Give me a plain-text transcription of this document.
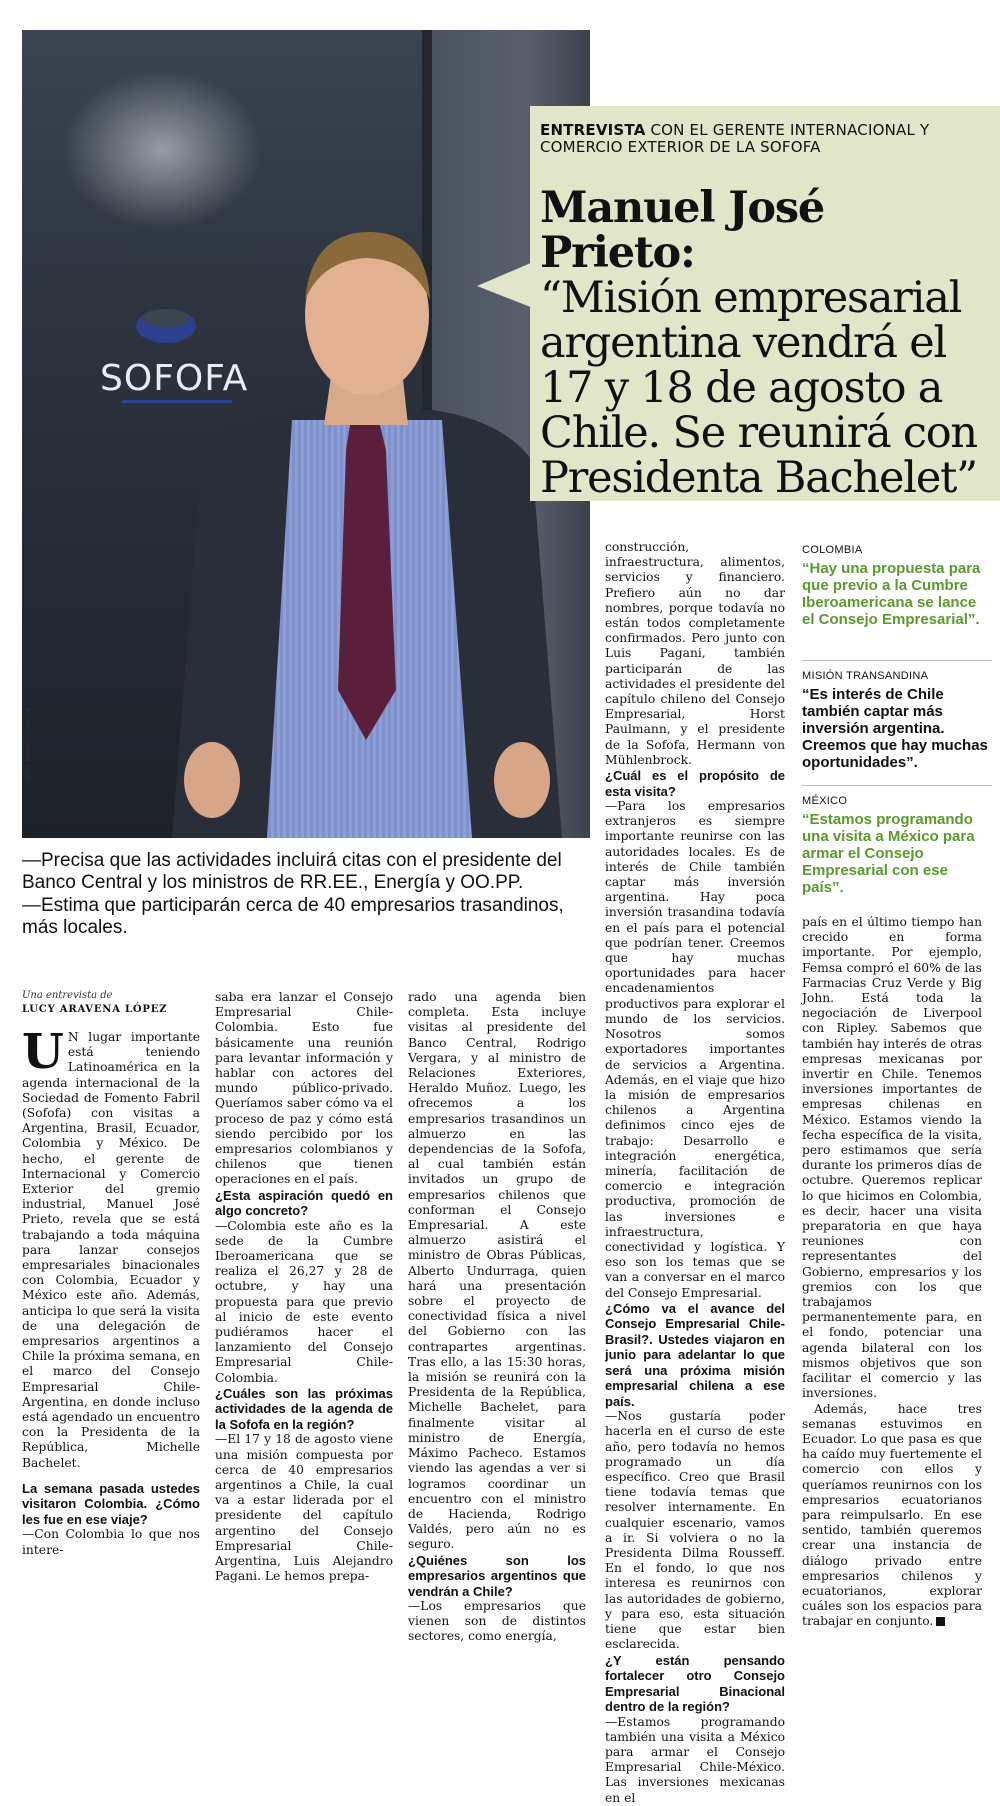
SOFOFA
FOTO: REINALDO UBILLA
ENTREVISTA CON EL GERENTE INTERNACIONAL Y COMERCIO EXTERIOR DE LA SOFOFA
Manuel José Prieto:
“Misión empresarial argentina vendrá el 17 y 18 de agosto a Chile. Se reunirá con Presidenta Bachelet”
—Precisa que las actividades incluirá citas con el presidente del Banco Central y los ministros de RR.EE., Energía y OO.PP.
—Estima que participarán cerca de 40 empresarios trasandinos, más locales.
Una entrevista de
LUCY ARAVENA LÓPEZ

U N lugar importante está teniendo Latinoamérica en la agenda internacional de la Sociedad de Fomento Fabril (Sofofa) con visitas a Argentina, Brasil, Ecuador, Colombia y México. De hecho, el gerente de Internacional y Comercio Exterior del gremio industrial, Manuel José Prieto, revela que se está trabajando a toda máquina para lanzar consejos empresariales binacionales con Colombia, Ecuador y México este año. Además, anticipa lo que será la visita de una delegación de empresarios argentinos a Chile la próxima semana, en el marco del Consejo Empresarial Chile-Argentina, en donde incluso está agendado un encuentro con la Presidenta de la República, Michelle Bachelet.

La semana pasada ustedes visitaron Colombia. ¿Cómo les fue en ese viaje?

—Con Colombia lo que nos intere-

saba era lanzar el Consejo Empresarial Chile-Colombia. Esto fue básicamente una reunión para levantar información y hablar con actores del mundo público-privado. Queríamos saber cómo va el proceso de paz y cómo está siendo percibido por los empresarios colombianos y chilenos que tienen operaciones en el país.

¿Esta aspiración quedó en algo concreto?

—Colombia este año es la sede de la Cumbre Iberoamericana que se realiza el 26,27 y 28 de octubre, y hay una propuesta para que previo al inicio de este evento pudiéramos hacer el lanzamiento del Consejo Empresarial Chile-Colombia.

¿Cuáles son las próximas actividades de la agenda de la Sofofa en la región?

—El 17 y 18 de agosto viene una misión compuesta por cerca de 40 empresarios argentinos a Chile, la cual va a estar liderada por el presidente del capítulo argentino del Consejo Empresarial Chile-Argentina, Luis Alejandro Pagani. Le hemos prepa-

rado una agenda bien completa. Esta incluye visitas al presidente del Banco Central, Rodrigo Vergara, y al ministro de Relaciones Exteriores, Heraldo Muñoz. Luego, les ofrecemos a los empresarios trasandinos un almuerzo en las dependencias de la Sofofa, al cual también están invitados un grupo de empresarios chilenos que conforman el Consejo Empresarial. A este almuerzo asistirá el ministro de Obras Públicas, Alberto Undurraga, quien hará una presentación sobre el proyecto de conectividad física a nivel del Gobierno con las contrapartes argentinas. Tras ello, a las 15:30 horas, la misión se reunirá con la Presidenta de la República, Michelle Bachelet, para finalmente visitar al ministro de Energía, Máximo Pacheco. Estamos viendo las agendas a ver si logramos coordinar un encuentro con el ministro de Hacienda, Rodrigo Valdés, pero aún no es seguro.

¿Quiénes son los empresarios argentinos que vendrán a Chile?

—Los empresarios que vienen son de distintos sectores, como energía,

construcción, infraestructura, alimentos, servicios y financiero. Prefiero aún no dar nombres, porque todavía no están todos completamente confirmados. Pero junto con Luis Pagani, también participarán de las actividades el presidente del capítulo chileno del Consejo Empresarial, Horst Paulmann, y el presidente de la Sofofa, Hermann von Mühlenbrock.

¿Cuál es el propósito de esta visita?

—Para los empresarios extranjeros es siempre importante reunirse con las autoridades locales. Es de interés de Chile también captar más inversión argentina. Hay poca inversión trasandina todavía en el país para el potencial que podrían tener. Creemos que hay muchas oportunidades para hacer encadenamientos productivos para explorar el mundo de los servicios. Nosotros somos exportadores importantes de servicios a Argentina. Además, en el viaje que hizo la misión de empresarios chilenos a Argentina definimos cinco ejes de trabajo: Desarrollo e integración energética, minería, facilitación de comercio e integración productiva, promoción de las inversiones e infraestructura, conectividad y logística. Y eso son los temas que se van a conversar en el marco del Consejo Empresarial.

¿Cómo va el avance del Consejo Empresarial Chile-Brasil?. Ustedes viajaron en junio para adelantar lo que será una próxima misión empresarial chilena a ese país.

—Nos gustaría poder hacerla en el curso de este año, pero todavía no hemos programado un día específico. Creo que Brasil tiene todavía temas que resolver internamente. En cualquier escenario, vamos a ir. Si volviera o no la Presidenta Dilma Rousseff. En el fondo, lo que nos interesa es reunirnos con las autoridades de gobierno, y para eso, esta situación tiene que estar bien esclarecida.

¿Y están pensando fortalecer otro Consejo Empresarial Binacional dentro de la región?

—Estamos programando también una visita a México para armar el Consejo Empresarial Chile-México. Las inversiones mexicanas en el

país en el último tiempo han crecido en forma importante. Por ejemplo, Femsa compró el 60% de las Farmacias Cruz Verde y Big John. Está toda la negociación de Liverpool con Ripley. Sabemos que también hay interés de otras empresas mexicanas por invertir en Chile. Tenemos inversiones importantes de empresas chilenas en México. Estamos viendo la fecha específica de la visita, pero estimamos que sería durante los primeros días de octubre. Queremos replicar lo que hicimos en Colombia, es decir, hacer una visita preparatoria en que haya reuniones con representantes del Gobierno, empresarios y los gremios con los que trabajamos permanentemente para, en el fondo, potenciar una agenda bilateral con los mismos objetivos que son facilitar el comercio y las inversiones.

Además, hace tres semanas estuvimos en Ecuador. Lo que pasa es que ha caído muy fuertemente el comercio con ellos y queríamos reunirnos con los empresarios ecuatorianos para reimpulsarlo. En ese sentido, también queremos crear una instancia de diálogo privado entre empresarios chilenos y ecuatorianos, explorar cuáles son los espacios para trabajar en conjunto.

COLOMBIA
“Hay una propuesta para que previo a la Cumbre Iberoamericana se lance el Consejo Empresarial”.
MISIÓN TRANSANDINA
“Es interés de Chile también captar más inversión argentina. Creemos que hay muchas oportunidades”.
MÉXICO
“Estamos programando una visita a México para armar el Consejo Empresarial con ese país”.
